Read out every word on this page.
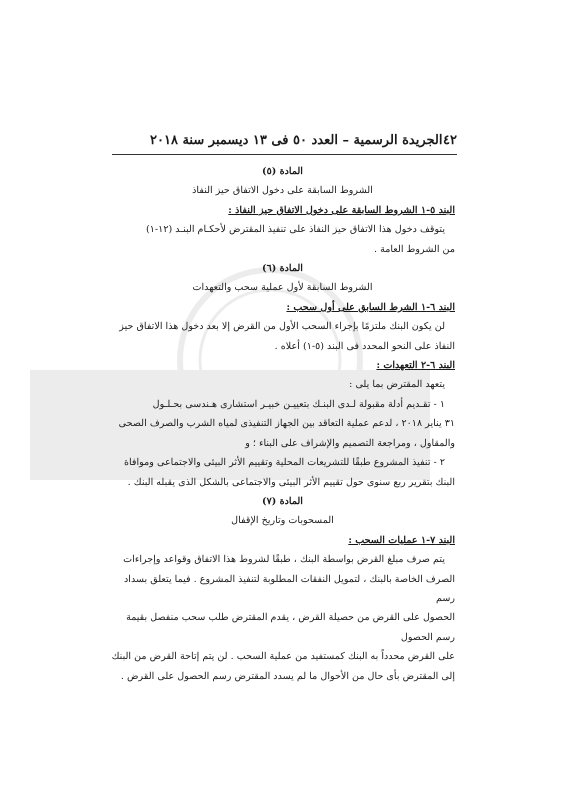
٤٢
الجريدة الرسمية – العدد ٥٠ فى ١٣ ديسمبر سنة ٢٠١٨

المادة (٥)

الشروط السابقة على دخول الاتفاق حيز النفاذ

البند ٥-١ الشروط السابقة على دخول الاتفاق حيز النفاذ :

يتوقف دخول هذا الاتفاق حيز النفاذ على تنفيذ المقترض لأحكـام البنـد (١٢-١)

من الشروط العامة .

المادة (٦)

الشروط السابقة لأول عملية سحب والتعهدات

البند ٦-١ الشرط السابق على أول سحب :

لن يكون البنك ملتزمًا بإجراء السحب الأول من القرض إلا بعد دخول هذا الاتفاق حيز

النفاذ على النحو المحدد فى البند (٥-١) أعلاه .

البند ٦-٢ التعهدات :

يتعهد المقترض بما يلى :

١ - تقـديم أدلة مقبولة لـدى البنـك بتعييـن خبيـر استشارى هـندسى بحـلـول

٣١ يناير ٢٠١٨ ، لدعم عملية التعاقد بين الجهاز التنفيذى لمياه الشرب والصرف الصحى

والمقاول ، ومراجعة التصميم والإشراف على البناء ؛ و

٢ - تنفيذ المشروع طبقًا للتشريعات المحلية وتقييم الأثر البيئى والاجتماعى وموافاة

البنك بتقرير ربع سنوى حول تقييم الأثر البيئى والاجتماعى بالشكل الذى يقبله البنك .

المادة (٧)

المسحوبات وتاريخ الإقفال

البند ٧-١ عمليات السحب :

يتم صرف مبلغ القرض بواسطة البنك ، طبقًا لشروط هذا الاتفاق وقواعد وإجراءات

الصرف الخاصة بالبنك ، لتمويل النفقات المطلوبة لتنفيذ المشروع . فيما يتعلق بسداد رسم

الحصول على القرض من حصيلة القرض ، يقدم المقترض طلب سحب منفصل بقيمة رسم الحصول

على القرض محدداً به البنك كمستفيد من عملية السحب . لن يتم إتاحة القرض من البنك

إلى المقترض بأى حال من الأحوال ما لم يسدد المقترض رسم الحصول على القرض .
